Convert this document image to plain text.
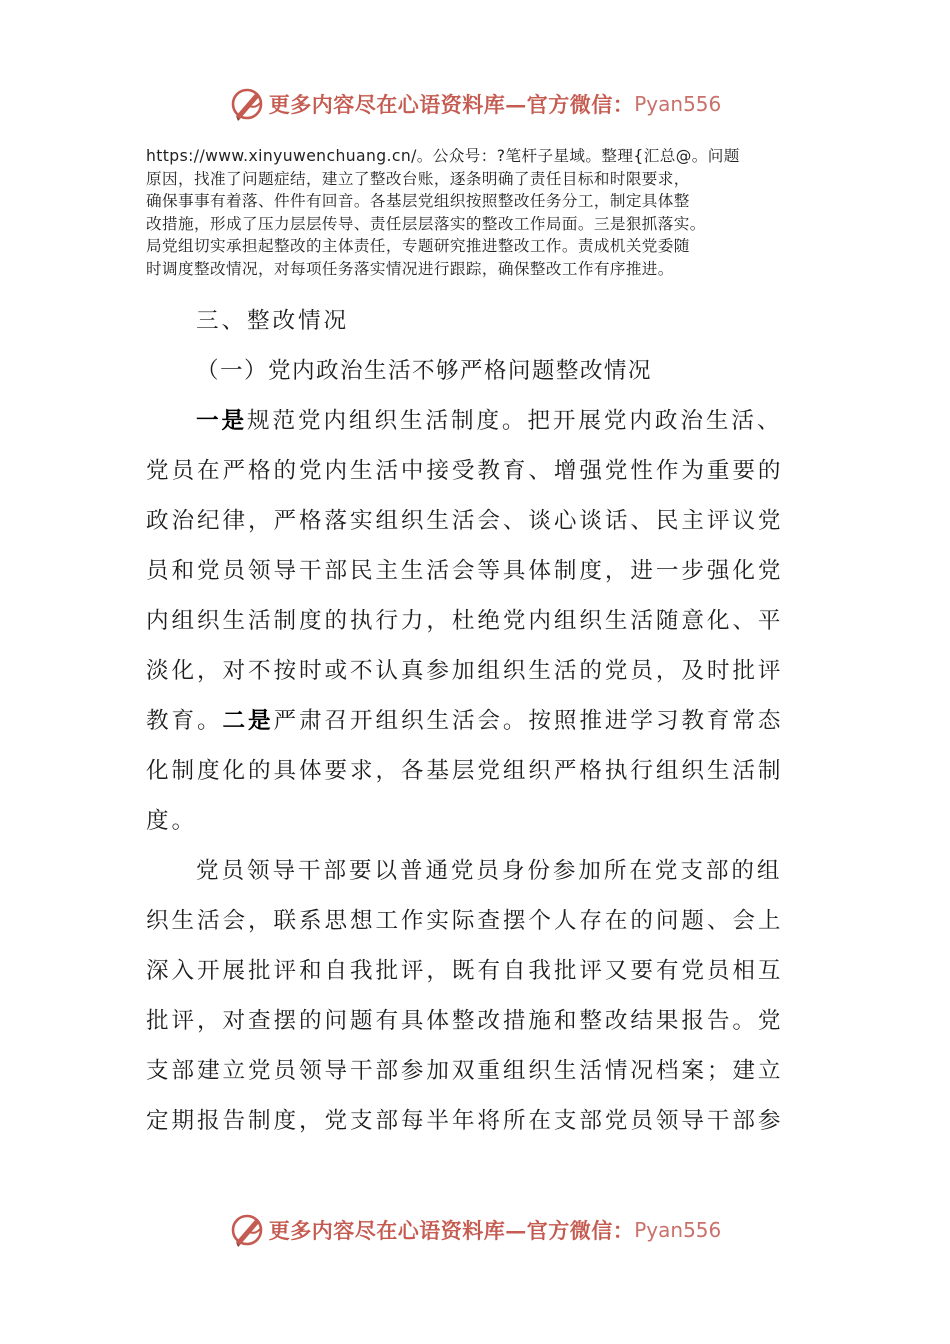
更多内容尽在心语资料库—官方微信： Pyan556
https://www.xinyuwenchuang.cn/。公众号：?笔杆子星域。整理{汇总@。问题
原因，找准了问题症结，建立了整改台账，逐条明确了责任目标和时限要求，
确保事事有着落、件件有回音。各基层党组织按照整改任务分工，制定具体整
改措施，形成了压力层层传导、责任层层落实的整改工作局面。三是狠抓落实。
局党组切实承担起整改的主体责任，专题研究推进整改工作。责成机关党委随
时调度整改情况，对每项任务落实情况进行跟踪，确保整改工作有序推进。

三、整改情况

（一）党内政治生活不够严格问题整改情况

一是规范党内组织生活制度。把开展党内政治生活、

党员在严格的党内生活中接受教育、增强党性作为重要的

政治纪律，严格落实组织生活会、谈心谈话、民主评议党

员和党员领导干部民主生活会等具体制度，进一步强化党

内组织生活制度的执行力，杜绝党内组织生活随意化、平

淡化，对不按时或不认真参加组织生活的党员，及时批评

教育。二是严肃召开组织生活会。按照推进学习教育常态

化制度化的具体要求，各基层党组织严格执行组织生活制

度。

党员领导干部要以普通党员身份参加所在党支部的组

织生活会，联系思想工作实际查摆个人存在的问题、会上

深入开展批评和自我批评，既有自我批评又要有党员相互

批评，对查摆的问题有具体整改措施和整改结果报告。党

支部建立党员领导干部参加双重组织生活情况档案；建立

定期报告制度，党支部每半年将所在支部党员领导干部参

更多内容尽在心语资料库—官方微信： Pyan556
